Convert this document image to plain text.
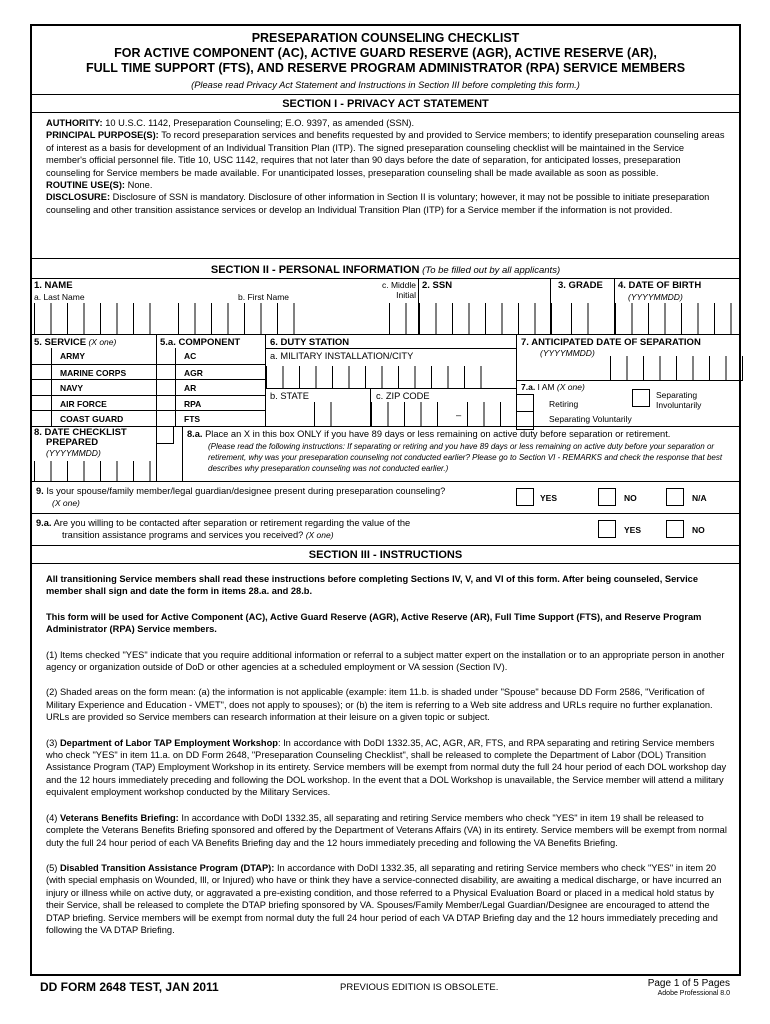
PRESEPARATION COUNSELING CHECKLIST
FOR ACTIVE COMPONENT (AC), ACTIVE GUARD RESERVE (AGR), ACTIVE RESERVE (AR),
FULL TIME SUPPORT (FTS), AND RESERVE PROGRAM ADMINISTRATOR (RPA) SERVICE MEMBERS
(Please read Privacy Act Statement and Instructions in Section III before completing this form.)
SECTION I - PRIVACY ACT STATEMENT
AUTHORITY: 10 U.S.C. 1142, Preseparation Counseling; E.O. 9397, as amended (SSN).
PRINCIPAL PURPOSE(S): To record preseparation services and benefits requested by and provided to Service members; to identify preseparation counseling areas of interest as a basis for development of an Individual Transition Plan (ITP). The signed preseparation counseling checklist will be maintained in the Service member's official personnel file. Title 10, USC 1142, requires that not later than 90 days before the date of separation, for anticipated losses, preseparation counseling for Service members be made available. For unanticipated losses, preseparation counseling shall be made available as soon as possible.
ROUTINE USE(S): None.
DISCLOSURE: Disclosure of SSN is mandatory. Disclosure of other information in Section II is voluntary; however, it may not be possible to initiate preseparation counseling and other transition assistance services or develop an Individual Transition Plan (ITP) for a Service member if the information is not provided.
SECTION II - PERSONAL INFORMATION (To be filled out by all applicants)
1. NAME
a. Last Name	b. First Name
c. Middle
Initial
2. SSN	3. GRADE 4. DATE OF BIRTH
(YYYYMMDD)
5. SERVICE (X one)
ARMY
MARINE CORPS
NAVY
AIR FORCE
COAST GUARD
5.a. COMPONENT
AC
AGR
AR
RPA
FTS
6. DUTY STATION
a. MILITARY INSTALLATION/CITY
b. STATE	c. ZIP CODE
–
7. ANTICIPATED DATE OF SEPARATION
(YYYYMMDD)
7.a. I AM (X one)
Retiring
Separating Voluntarily
Separating
Involuntarily
8. DATE CHECKLIST
PREPARED
(YYYYMMDD)
8.a. Place an X in this box ONLY if you have 89 days or less remaining on active duty before separation or retirement.
(Please read the following instructions: If separating or retiring and you have 89 days or less remaining on active duty before your separation or retirement, why was your preseparation counseling not conducted earlier? Please go to Section VI - REMARKS and check the response that best describes why preseparation counseling was not conducted earlier.)
9. Is your spouse/family member/legal guardian/designee present during preseparation counseling?
(X one)	YES	NO	N/A
9.a. Are you willing to be contacted after separation or retirement regarding the value of the
transition assistance programs and services you received? (X one)	YES	NO
SECTION III - INSTRUCTIONS
All transitioning Service members shall read these instructions before completing Sections IV, V, and VI of this form. After being counseled, Service member shall sign and date the form in items 28.a. and 28.b.
This form will be used for Active Component (AC), Active Guard Reserve (AGR), Active Reserve (AR), Full Time Support (FTS), and Reserve Program Administrator (RPA) Service members.
(1) Items checked "YES" indicate that you require additional information or referral to a subject matter expert on the installation or to an appropriate person in another agency or organization outside of DoD or other agencies at a scheduled employment or VA session (Section IV).
(2) Shaded areas on the form mean: (a) the information is not applicable (example: item 11.b. is shaded under "Spouse" because DD Form 2586, "Verification of Military Experience and Education - VMET", does not apply to spouses); or (b) the item is referring to a Web site address and URLs require no further explanation. URLs are provided so Service members can research information at their leisure on a given topic or subject.
(3) Department of Labor TAP Employment Workshop: In accordance with DoDI 1332.35, AC, AGR, AR, FTS, and RPA separating and retiring Service members who check "YES" in item 11.a. on DD Form 2648, "Preseparation Counseling Checklist", shall be released to complete the Department of Labor (DOL) Transition Assistance Program (TAP) Employment Workshop in its entirety. Service members will be exempt from normal duty the full 24 hour period of each DOL workshop day and the 12 hours immediately preceding and following the DOL workshop. In the event that a DOL Workshop is unavailable, the Service member will attend a military equivalent employment workshop conducted by the Military Services.
(4) Veterans Benefits Briefing: In accordance with DoDI 1332.35, all separating and retiring Service members who check "YES" in item 19 shall be released to complete the Veterans Benefits Briefing sponsored and offered by the Department of Veterans Affairs (VA) in its entirety. Service members will be exempt from normal duty the full 24 hour period of each VA Benefits Briefing day and the 12 hours immediately preceding and following the VA Benefits Briefing.
(5) Disabled Transition Assistance Program (DTAP): In accordance with DoDI 1332.35, all separating and retiring Service members who check "YES" in item 20 (with special emphasis on Wounded, Ill, or Injured) who have or think they have a service-connected disability, are awaiting a medical discharge, or have incurred an injury or illness while on active duty, or aggravated a pre-existing condition, and those referred to a Physical Evaluation Board or placed in a medical hold status by their Service, shall be released to complete the DTAP briefing sponsored by VA. Spouses/Family Member/Legal Guardian/Designee are encouraged to attend the DTAP briefing. Service members will be exempt from normal duty the full 24 hour period of each VA DTAP Briefing day and the 12 hours immediately preceding and following the VA DTAP Briefing.
DD FORM 2648 TEST, JAN 2011	PREVIOUS EDITION IS OBSOLETE.	Page 1 of 5 Pages
Adobe Professional 8.0
